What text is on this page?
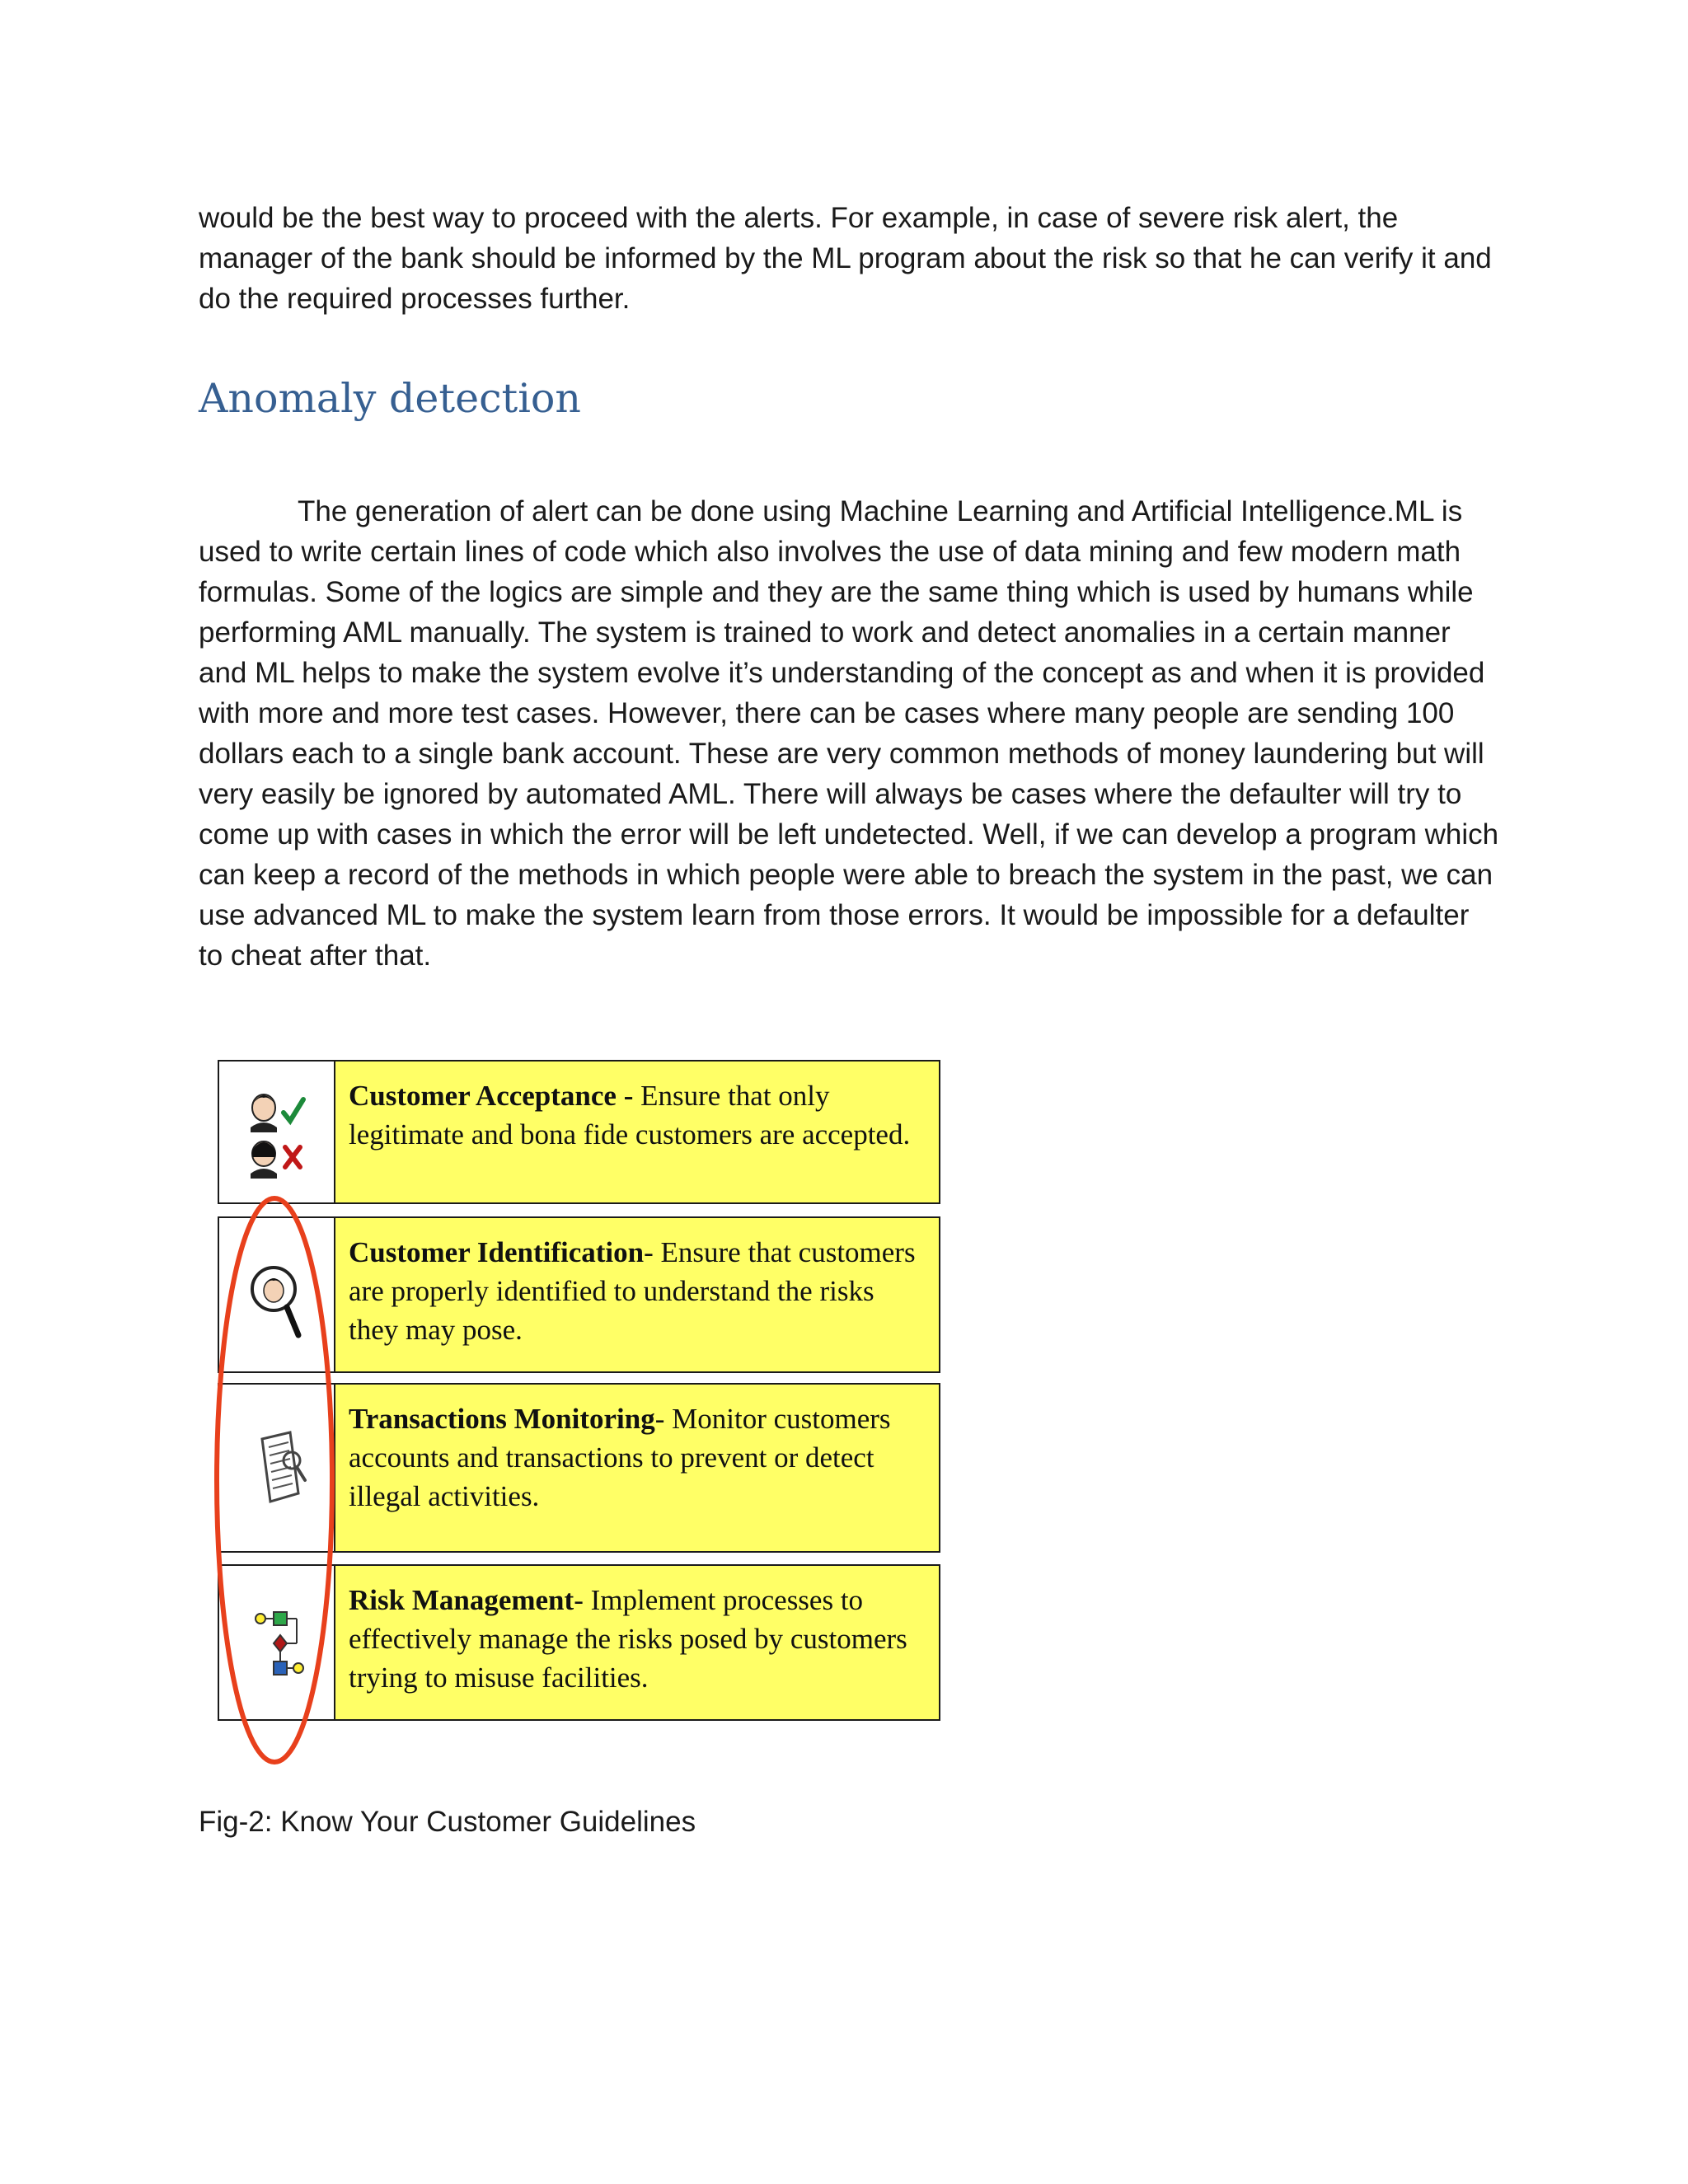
would be the best way to proceed with the alerts. For example, in case of severe risk alert, the manager of the bank should be informed by the ML program about the risk so that he can verify it and do the required processes further.

Anomaly detection

The generation of alert can be done using Machine Learning and Artificial Intelligence.ML is used to write certain lines of code which also involves the use of data mining and few modern math formulas. Some of the logics are simple and they are the same thing which is used by humans while performing AML manually. The system is trained to work and detect anomalies in a certain manner and ML helps to make the system evolve it’s understanding of the concept as and when it is provided with more and more test cases. However, there can be cases where many people are sending 100 dollars each to a single bank account. These are very common methods of money laundering but will very easily be ignored by automated AML. There will always be cases where the defaulter will try to come up with cases in which the error will be left undetected. Well, if we can develop a program which can keep a record of the methods in which people were able to breach the system in the past, we can use advanced ML to make the system learn from those errors. It would be impossible for a defaulter to cheat after that.

Customer Acceptance - Ensure that only legitimate and bona fide customers are accepted.
Customer Identification- Ensure that customers are properly identified to understand the risks they may pose.
Transactions Monitoring- Monitor customers accounts and transactions to prevent or detect illegal activities.
Risk Management- Implement processes to effectively manage the risks posed by customers trying to misuse facilities.

Fig-2: Know Your Customer Guidelines
